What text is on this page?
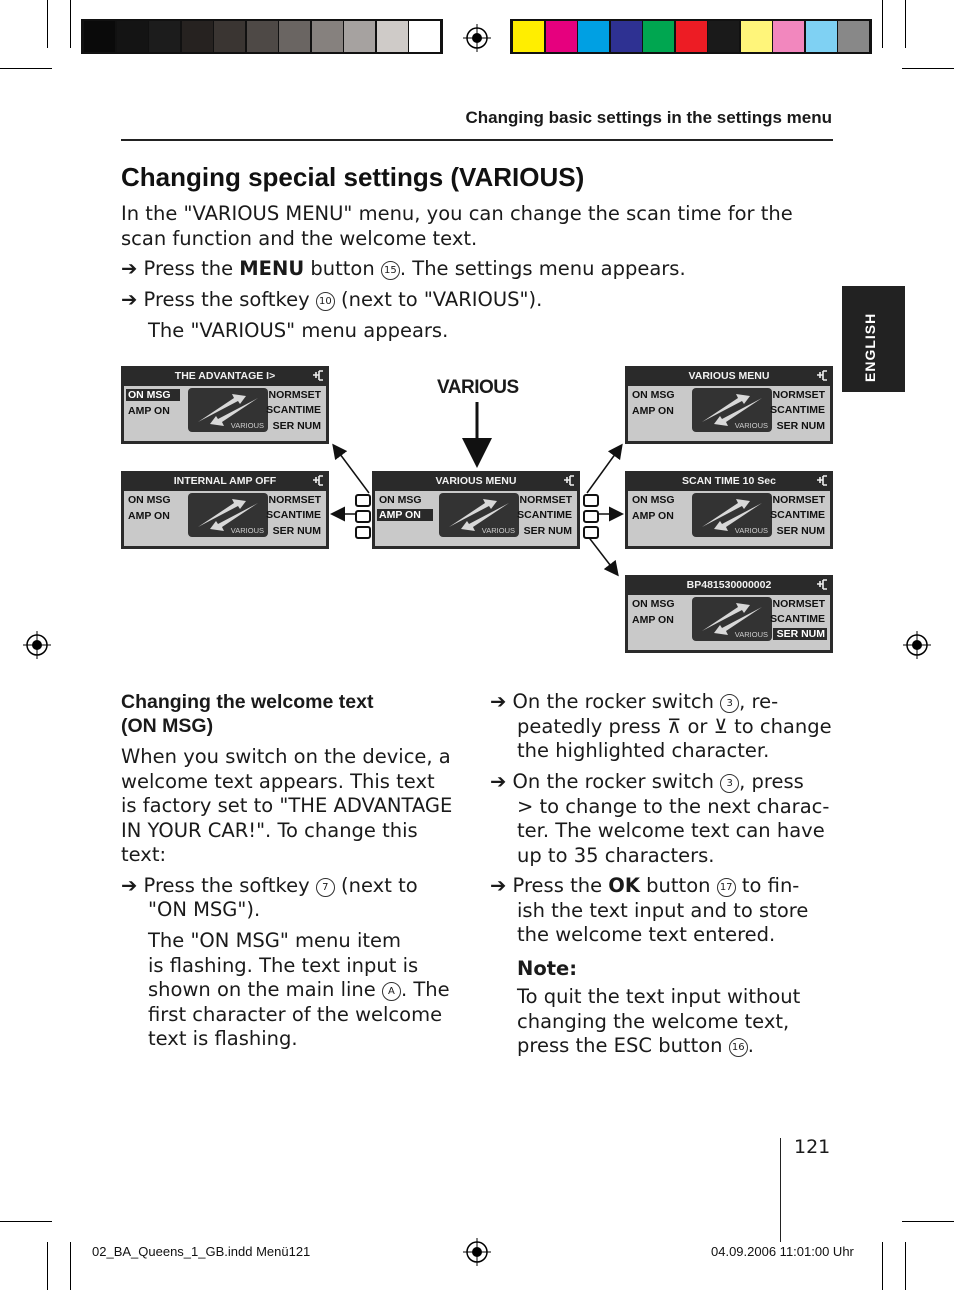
Changing basic settings in the settings menu
ENGLISH
Changing special settings (VARIOUS)
In the "VARIOUS MENU" menu, you can change the scan time for the
scan function and the welcome text.
➔ Press the MENU button 15 . The settings menu appears.
➔ Press the softkey 10 (next to "VARIOUS").
The "VARIOUS" menu appears.
VARIOUS
THE ADVANTAGE I>
ON MSG
AMP ON
VARIOUS
NORMSET
SCANTIME
SER NUM
VARIOUS MENU
ON MSG
AMP ON
VARIOUS
NORMSET
SCANTIME
SER NUM
INTERNAL AMP OFF
ON MSG
AMP ON
VARIOUS
NORMSET
SCANTIME
SER NUM
VARIOUS MENU
ON MSG
AMP ON
VARIOUS
NORMSET
SCANTIME
SER NUM
SCAN TIME 10 Sec
ON MSG
AMP ON
VARIOUS
NORMSET
SCANTIME
SER NUM
BP481530000002
ON MSG
AMP ON
VARIOUS
NORMSET
SCANTIME
SER NUM
Changing the welcome text
(ON MSG)
When you switch on the device, a
welcome text appears. This text
is factory set to "THE ADVANTAGE
IN YOUR CAR!". To change this
text:
➔ Press the softkey 7 (next to
"ON MSG").
The "ON MSG" menu item
is flashing. The text input is
shown on the main line A . The
first character of the welcome
text is flashing.
➔ On the rocker switch 3 , re-
peatedly press ⊼ or ⊻ to change
the highlighted character.
➔ On the rocker switch 3 , press
> to change to the next charac-
ter. The welcome text can have
up to 35 characters.
➔ Press the OK button 17 to fin-
ish the text input and to store
the welcome text entered.
Note:
To quit the text input without
changing the welcome text,
press the ESC button 16 .
121
02_BA_Queens_1_GB.indd Menü121	04.09.2006 11:01:00 Uhr
